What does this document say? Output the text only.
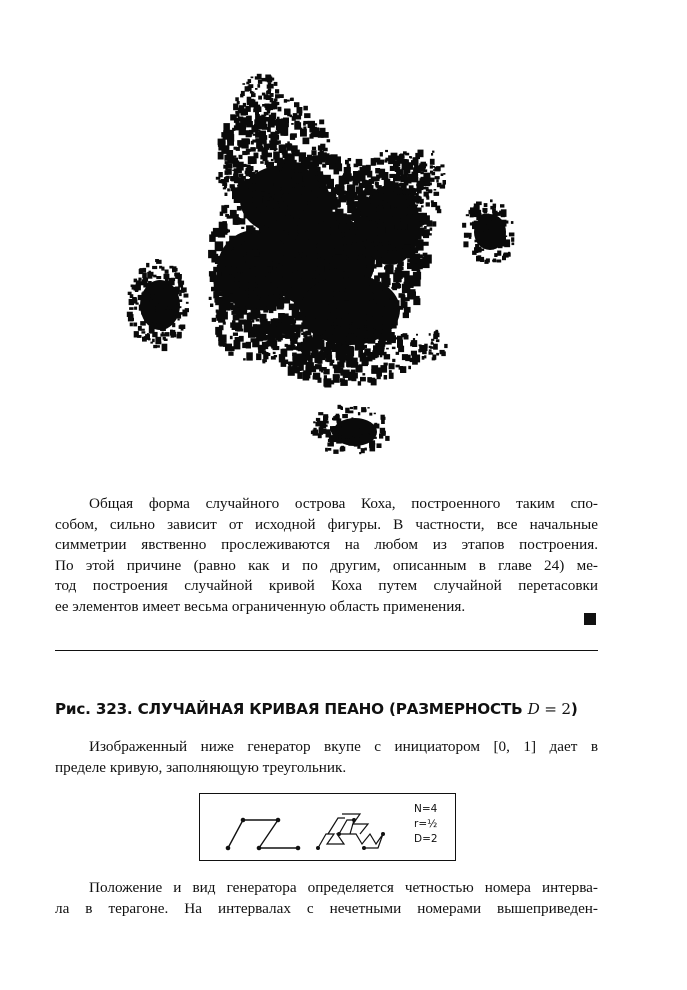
Общая форма случайного острова Коха, построенного таким спо-
собом, сильно зависит от исходной фигуры. В частности, все начальные
симметрии явственно прослеживаются на любом из этапов построения.
По этой причине (равно как и по другим, описанным в главе 24) ме-
тод построения случайной кривой Коха путем случайной перетасовки
ее элементов имеет весьма ограниченную область применения.

Рис. 323. СЛУЧАЙНАЯ КРИВАЯ ПЕАНО (РАЗМЕРНОСТЬ D = 2)

Изображенный ниже генератор вкупе с инициатором [0, 1] дает в
пределе кривую, заполняющую треугольник.

N=4
r=½
D=2

Положение и вид генератора определяется четностью номера интерва-
ла в терагоне. На интервалах с нечетными номерами вышеприведен-
